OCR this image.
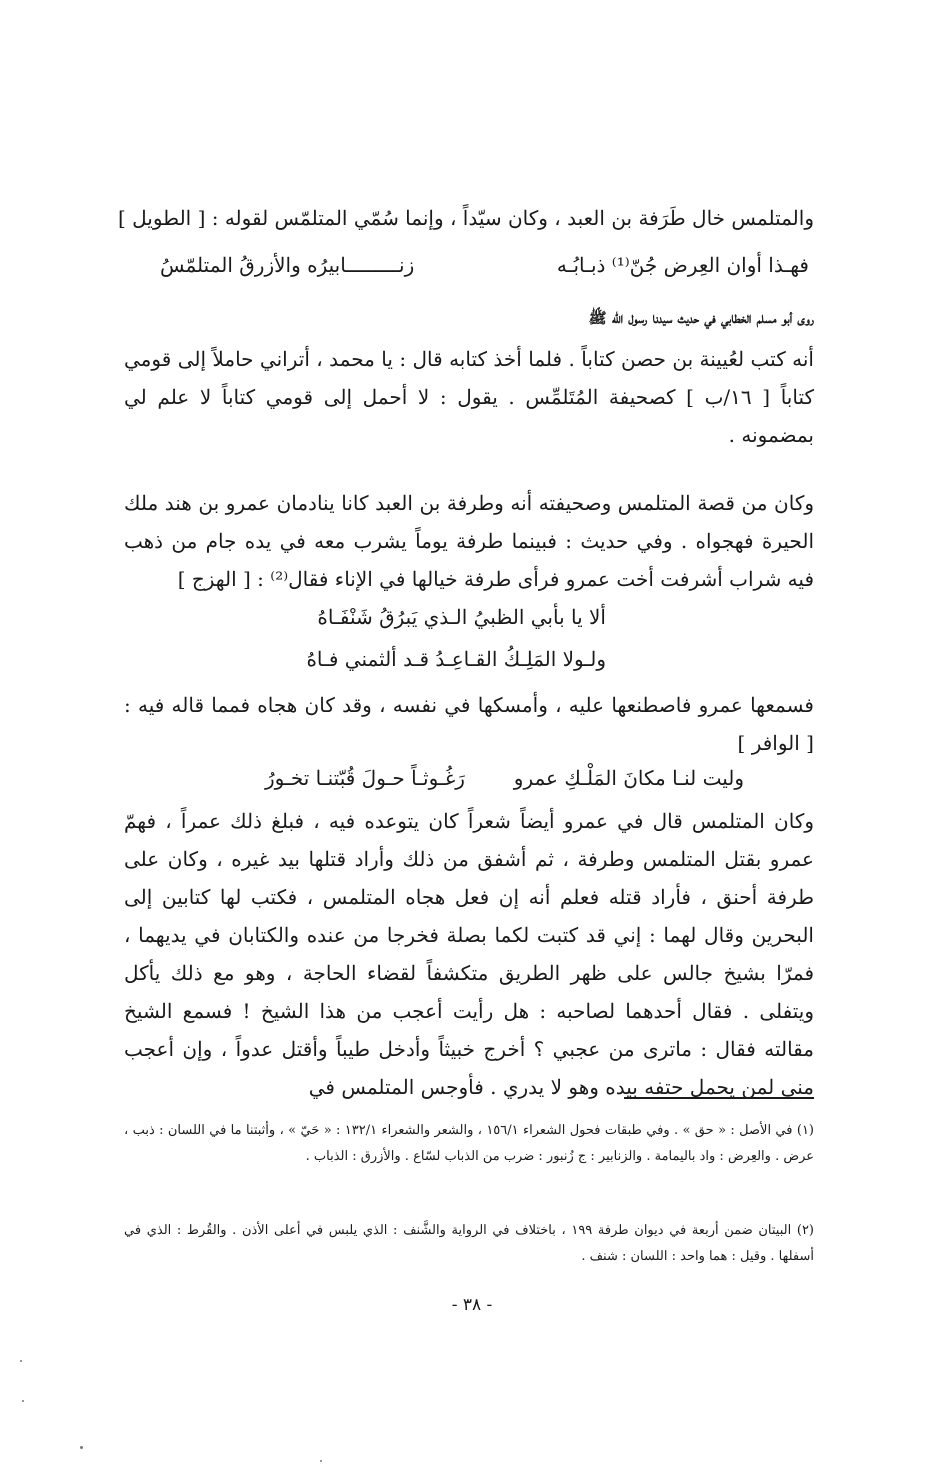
والمتلمس خال طَرَفة بن العبد ، وكان سيّداً ، وإنما سُمّي المتلمّس لقوله : [ الطويل ]
فهـذا أوان العِرض جُنّ⁽¹⁾ ذبـابُـه
زنـــــــــابيرُه والأزرقُ المتلمّسُ
روى أبو مسلم الخطابي في حديث سيدنا رسول الله ﷺ
أنه كتب لعُيينة بن حصن كتاباً . فلما أخذ كتابه قال : يا محمد ، أتراني حاملاً إلى قومي كتاباً [ ١٦/ب ] كصحيفة المُتَلمِّس . يقول : لا أحمل إلى قومي كتاباً لا علم لي بمضمونه .
وكان من قصة المتلمس وصحيفته أنه وطرفة بن العبد كانا ينادمان عمرو بن هند ملك الحيرة فهجواه . وفي حديث : فبينما طرفة يوماً يشرب معه في يده جام من ذهب فيه شراب أشرفت أخت عمرو فرأى طرفة خيالها في الإناء فقال⁽²⁾ : [ الهزج ]
ألا يا بأبي الظبيُ الـذي يَبرُقُ شَنْفَـاهُ
ولـولا المَلِـكُ القـاعِـدُ قـد ألثمني فـاهُ
فسمعها عمرو فاصطنعها عليه ، وأمسكها في نفسه ، وقد كان هجاه فمما قاله فيه : [ الوافر ]
وليت لنـا مكانَ المَلْـكِ عمرو
رَغُـوثـاً حـولَ قُبّتنـا تخـورُ
وكان المتلمس قال في عمرو أيضاً شعراً كان يتوعده فيه ، فبلغ ذلك عمراً ، فهمّ عمرو بقتل المتلمس وطرفة ، ثم أشفق من ذلك وأراد قتلها بيد غيره ، وكان على طرفة أحنق ، فأراد قتله فعلم أنه إن فعل هجاه المتلمس ، فكتب لها كتابين إلى البحرين وقال لهما : إني قد كتبت لكما بصلة فخرجا من عنده والكتابان في يديهما ، فمرّا بشيخ جالس على ظهر الطريق متكشفاً لقضاء الحاجة ، وهو مع ذلك يأكل ويتفلى . فقال أحدهما لصاحبه : هل رأيت أعجب من هذا الشيخ ! فسمع الشيخ مقالته فقال : ماترى من عجبي ؟ أخرج خبيثاً وأدخل طيباً وأقتل عدواً ، وإن أعجب مني لمن يحمل حتفه بيده وهو لا يدري . فأوجس المتلمس في
(١) في الأصل : « حق » . وفي طبقات فحول الشعراء ١٥٦/١ ، والشعر والشعراء ١٣٢/١ : « حَيّ » ، وأثبتنا ما في اللسان : ذبب ، عرض . والعِرض : واد باليمامة . والزنابير : ج زُنبور : ضرب من الذباب لسّاع . والأزرق : الذباب .
(٢) البيتان ضمن أربعة في ديوان طرفة ١٩٩ ، باختلاف في الرواية والشَّنف : الذي يلبس في أعلى الأذن . والقُرط : الذي في أسفلها . وقيل : هما واحد : اللسان : شنف .
- ٣٨ -
